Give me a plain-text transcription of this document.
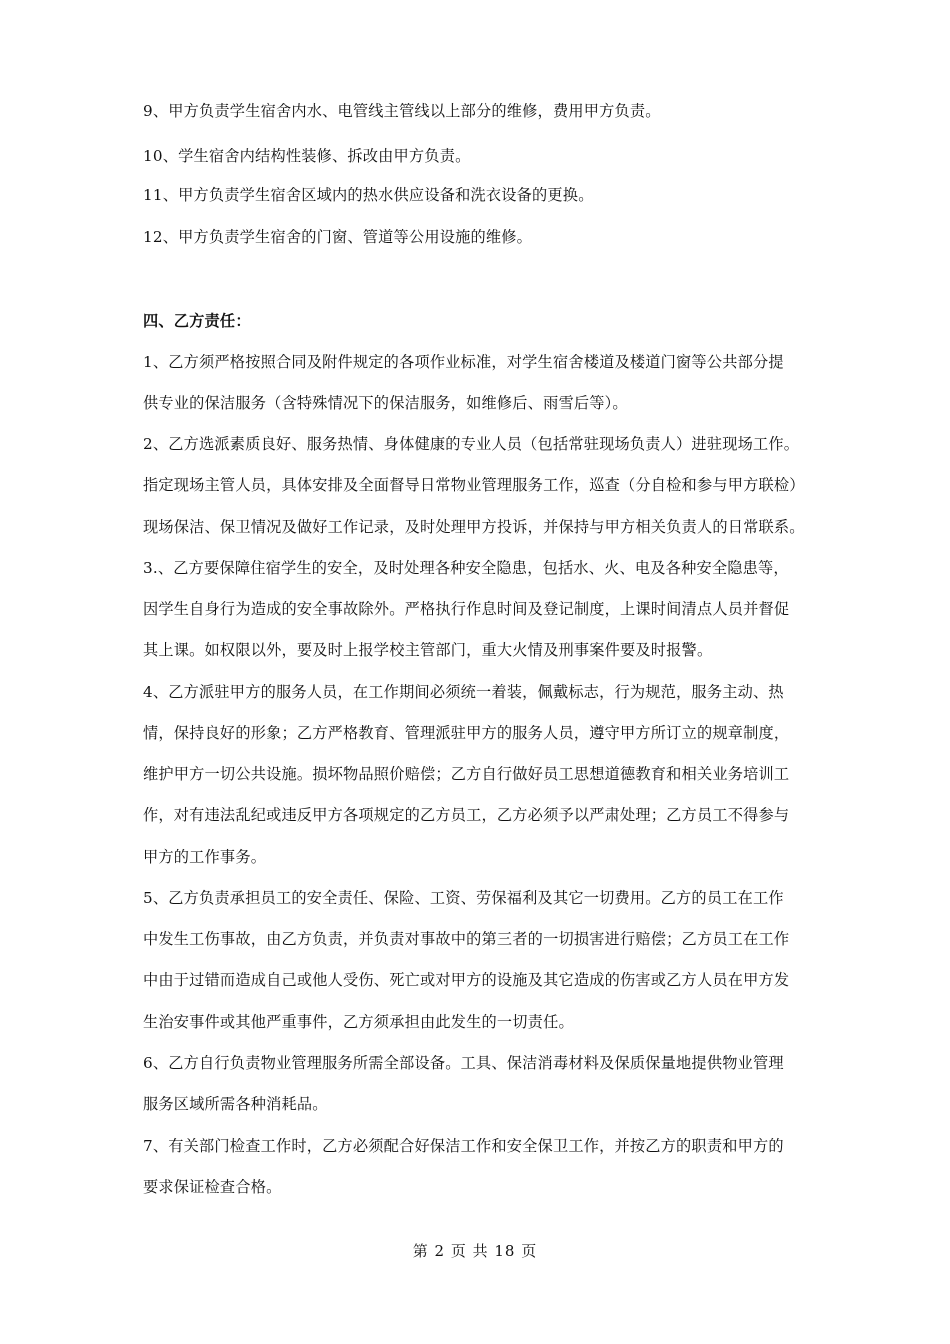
9、甲方负责学生宿舍内水、电管线主管线以上部分的维修，费用甲方负责。
10、学生宿舍内结构性装修、拆改由甲方负责。
11、甲方负责学生宿舍区域内的热水供应设备和洗衣设备的更换。
12、甲方负责学生宿舍的门窗、管道等公用设施的维修。
四、乙方责任：
1、乙方须严格按照合同及附件规定的各项作业标准，对学生宿舍楼道及楼道门窗等公共部分提
供专业的保洁服务（含特殊情况下的保洁服务，如维修后、雨雪后等）。
2、乙方选派素质良好、服务热情、身体健康的专业人员（包括常驻现场负责人）进驻现场工作。
指定现场主管人员，具体安排及全面督导日常物业管理服务工作，巡查（分自检和参与甲方联检）
现场保洁、保卫情况及做好工作记录，及时处理甲方投诉，并保持与甲方相关负责人的日常联系。
3.、乙方要保障住宿学生的安全，及时处理各种安全隐患，包括水、火、电及各种安全隐患等，
因学生自身行为造成的安全事故除外。严格执行作息时间及登记制度，上课时间清点人员并督促
其上课。如权限以外，要及时上报学校主管部门，重大火情及刑事案件要及时报警。
4、乙方派驻甲方的服务人员，在工作期间必须统一着装，佩戴标志，行为规范，服务主动、热
情，保持良好的形象；乙方严格教育、管理派驻甲方的服务人员，遵守甲方所订立的规章制度，
维护甲方一切公共设施。损坏物品照价赔偿；乙方自行做好员工思想道德教育和相关业务培训工
作，对有违法乱纪或违反甲方各项规定的乙方员工，乙方必须予以严肃处理；乙方员工不得参与
甲方的工作事务。
5、乙方负责承担员工的安全责任、保险、工资、劳保福利及其它一切费用。乙方的员工在工作
中发生工伤事故，由乙方负责，并负责对事故中的第三者的一切损害进行赔偿；乙方员工在工作
中由于过错而造成自己或他人受伤、死亡或对甲方的设施及其它造成的伤害或乙方人员在甲方发
生治安事件或其他严重事件，乙方须承担由此发生的一切责任。
6、乙方自行负责物业管理服务所需全部设备。工具、保洁消毒材料及保质保量地提供物业管理
服务区域所需各种消耗品。
7、有关部门检查工作时，乙方必须配合好保洁工作和安全保卫工作，并按乙方的职责和甲方的
要求保证检查合格。
第 2 页 共 18 页
